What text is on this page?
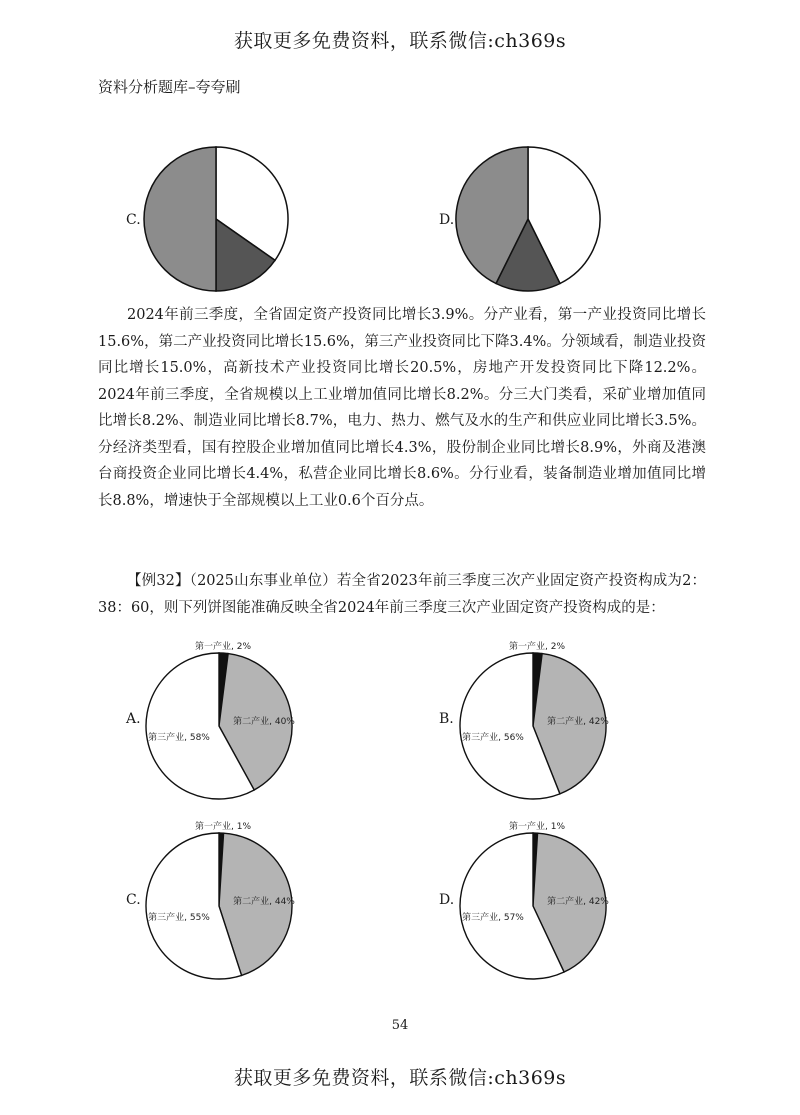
获取更多免费资料，联系微信:ch369s
资料分析题库–夸夸刷
C.	D.
2024年前三季度，全省固定资产投资同比增长3.9%。分产业看，第一产业投资同比增长15.6%，第二产业投资同比增长15.6%，第三产业投资同比下降3.4%。分领域看，制造业投资同比增长15.0%，高新技术产业投资同比增长20.5%，房地产开发投资同比下降12.2%。2024年前三季度，全省规模以上工业增加值同比增长8.2%。分三大门类看，采矿业增加值同比增长8.2%、制造业同比增长8.7%，电力、热力、燃气及水的生产和供应业同比增长3.5%。分经济类型看，国有控股企业增加值同比增长4.3%，股份制企业同比增长8.9%，外商及港澳台商投资企业同比增长4.4%，私营企业同比增长8.6%。分行业看，装备制造业增加值同比增长8.8%，增速快于全部规模以上工业0.6个百分点。
【例32】（2025山东事业单位）若全省2023年前三季度三次产业固定资产投资构成为2：38：60，则下列饼图能准确反映全省2024年前三季度三次产业固定资产投资构成的是：
A.
第一产业, 2%
第二产业, 40%
第三产业, 58%
B.
第一产业, 2%
第二产业, 42%
第三产业, 56%
C.
第一产业, 1%
第二产业, 44%
第三产业, 55%
D.
第一产业, 1%
第二产业, 42%
第三产业, 57%
54
获取更多免费资料，联系微信:ch369s
